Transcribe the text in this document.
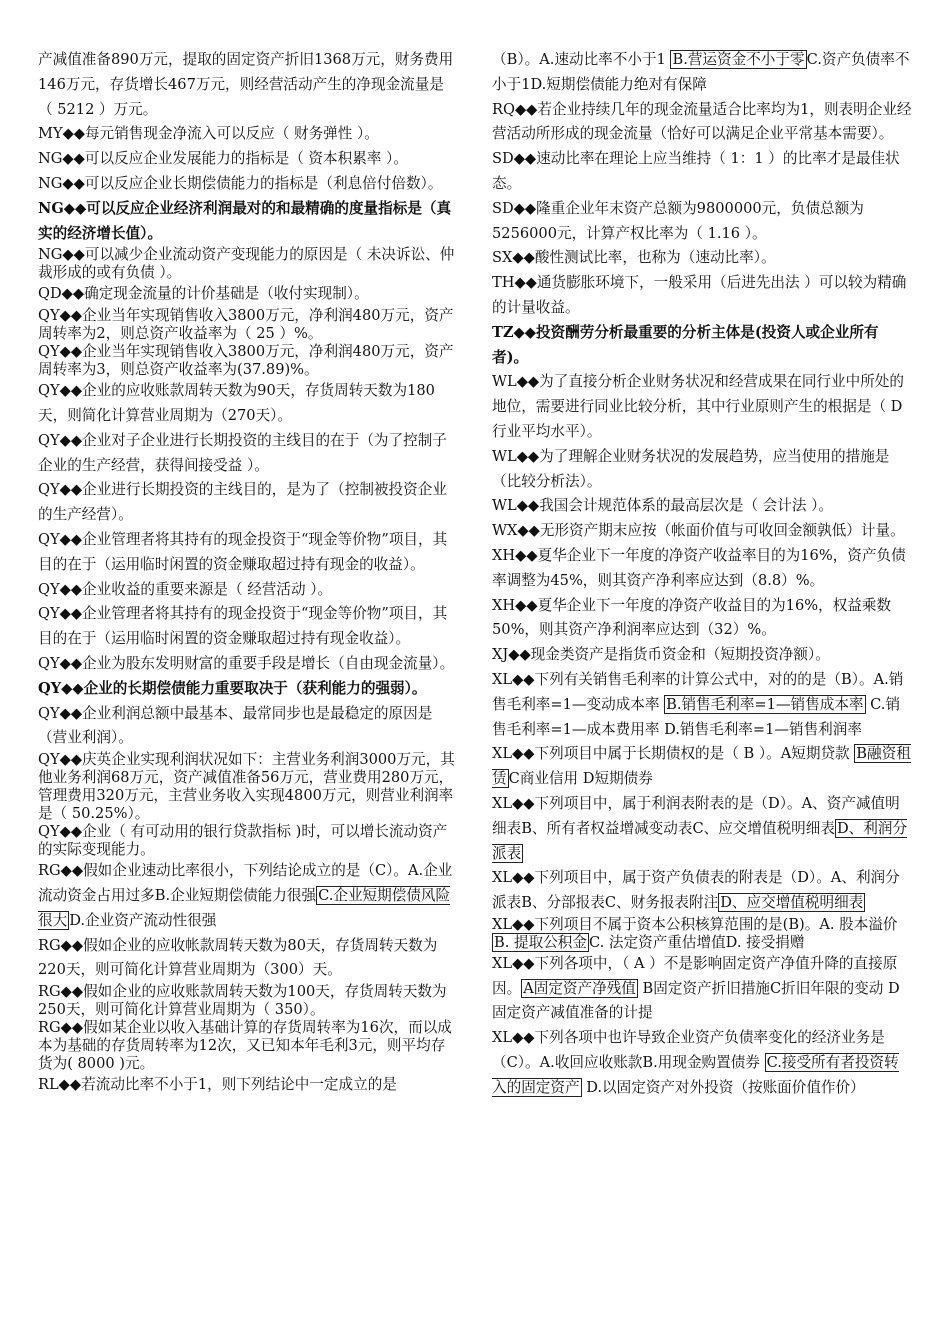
产减值准备890万元，提取的固定资产折旧1368万元，财务费用146万元，存货增长467万元，则经营活动产生的净现金流量是（ 5212 ）万元。

MY◆◆每元销售现金净流入可以反应（ 财务弹性 ）。

NG◆◆可以反应企业发展能力的指标是（ 资本积累率 ）。

NG◆◆可以反应企业长期偿债能力的指标是（利息倍付倍数）。

NG◆◆可以反应企业经济利润最对的和最精确的度量指标是（真实的经济增长值）。

NG◆◆可以减少企业流动资产变现能力的原因是（ 未决诉讼、仲裁形成的或有负债 ）。

QD◆◆确定现金流量的计价基础是（收付实现制）。

QY◆◆企业当年实现销售收入3800万元，净利润480万元，资产周转率为2，则总资产收益率为（ 25 ）%。

QY◆◆企业当年实现销售收入3800万元，净利润480万元，资产周转率为3，则总资产收益率为(37.89)%。

QY◆◆企业的应收账款周转天数为90天，存货周转天数为180天，则简化计算营业周期为（270天）。

QY◆◆企业对子企业进行长期投资的主线目的在于（为了控制子企业的生产经营，获得间接受益 ）。

QY◆◆企业进行长期投资的主线目的，是为了（控制被投资企业的生产经营）。

QY◆◆企业管理者将其持有的现金投资于“现金等价物”项目，其目的在于（运用临时闲置的资金赚取超过持有现金的收益）。

QY◆◆企业收益的重要来源是（ 经营活动 ）。

QY◆◆企业管理者将其持有的现金投资于“现金等价物”项目，其目的在于（运用临时闲置的资金赚取超过持有现金收益）。

QY◆◆企业为股东发明财富的重要手段是增长（自由现金流量）。

QY◆◆企业的长期偿债能力重要取决于（获利能力的强弱）。

QY◆◆企业利润总额中最基本、最常同步也是最稳定的原因是（营业利润）。

QY◆◆庆英企业实现利润状况如下：主营业务利润3000万元，其他业务利润68万元，资产减值准备56万元，营业费用280万元，管理费用320万元，主营业务收入实现4800万元，则营业利润率是（ 50.25%）。

QY◆◆企业（ 有可动用的银行贷款指标 )时，可以增长流动资产的实际变现能力。

RG◆◆假如企业速动比率很小，下列结论成立的是（C）。A.企业流动资金占用过多B.企业短期偿债能力很强 C.企业短期偿债风险很大 D.企业资产流动性很强

RG◆◆假如企业的应收帐款周转天数为80天，存货周转天数为220天，则可简化计算营业周期为（300）天。

RG◆◆假如企业的应收账款周转天数为100天，存货周转天数为250天，则可简化计算营业周期为（ 350）。

RG◆◆假如某企业以收入基础计算的存货周转率为16次，而以成本为基础的存货周转率为12次，又已知本年毛利3元，则平均存货为( 8000 )元。

RL◆◆若流动比率不小于1，则下列结论中一定成立的是

（B）。A.速动比率不小于1 B.营运资金不小于零 C.资产负债率不小于1D.短期偿债能力绝对有保障

RQ◆◆若企业持续几年的现金流量适合比率均为1，则表明企业经营活动所形成的现金流量（恰好可以满足企业平常基本需要）。

SD◆◆速动比率在理论上应当维持（ 1：1 ）的比率才是最佳状态。

SD◆◆隆重企业年末资产总额为9800000元，负债总额为5256000元，计算产权比率为（ 1.16 ）。

SX◆◆酸性测试比率，也称为（速动比率）。

TH◆◆通货膨胀环境下，一般采用（后进先出法 ）可以较为精确的计量收益。

TZ◆◆投资酬劳分析最重要的分析主体是(投资人或企业所有者)。

WL◆◆为了直接分析企业财务状况和经营成果在同行业中所处的地位，需要进行同业比较分析，其中行业原则产生的根据是（ D行业平均水平）。

WL◆◆为了理解企业财务状况的发展趋势，应当使用的措施是（比较分析法）。

WL◆◆我国会计规范体系的最高层次是（ 会计法 ）。

WX◆◆无形资产期末应按（帐面价值与可收回金额孰低）计量。

XH◆◆夏华企业下一年度的净资产收益率目的为16%，资产负债率调整为45%，则其资产净利率应达到（8.8）%。

XH◆◆夏华企业下一年度的净资产收益目的为16%，权益乘数50%，则其资产净利润率应达到（32）%。

XJ◆◆现金类资产是指货币资金和（短期投资净额）。

XL◆◆下列有关销售毛利率的计算公式中，对的的是（B）。A.销售毛利率=1—变动成本率 B.销售毛利率=1—销售成本率 C.销售毛利率=1—成本费用率 D.销售毛利率=1—销售利润率

XL◆◆下列项目中属于长期债权的是（ B ）。A短期贷款 B融资租赁 C商业信用 D短期债券

XL◆◆下列项目中，属于利润表附表的是（D）。A、资产减值明细表B、所有者权益增减变动表C、应交增值税明细表 D、利润分派表

XL◆◆下列项目中，属于资产负债表的附表是（D）。A、利润分派表B、分部报表C、财务报表附注 D、应交增值税明细表

XL◆◆下列项目不属于资本公积核算范围的是(B)。A. 股本溢价B. 提取公积金 C. 法定资产重估增值D. 接受捐赠

XL◆◆下列各项中，（ A ）不是影响固定资产净值升降的直接原因。 A固定资产净残值 B固定资产折旧措施C折旧年限的变动 D固定资产减值准备的计提

XL◆◆下列各项中也许导致企业资产负债率变化的经济业务是（C）。A.收回应收账款B.用现金购置债券 C.接受所有者投资转入的固定资产 D.以固定资产对外投资（按账面价值作价）
